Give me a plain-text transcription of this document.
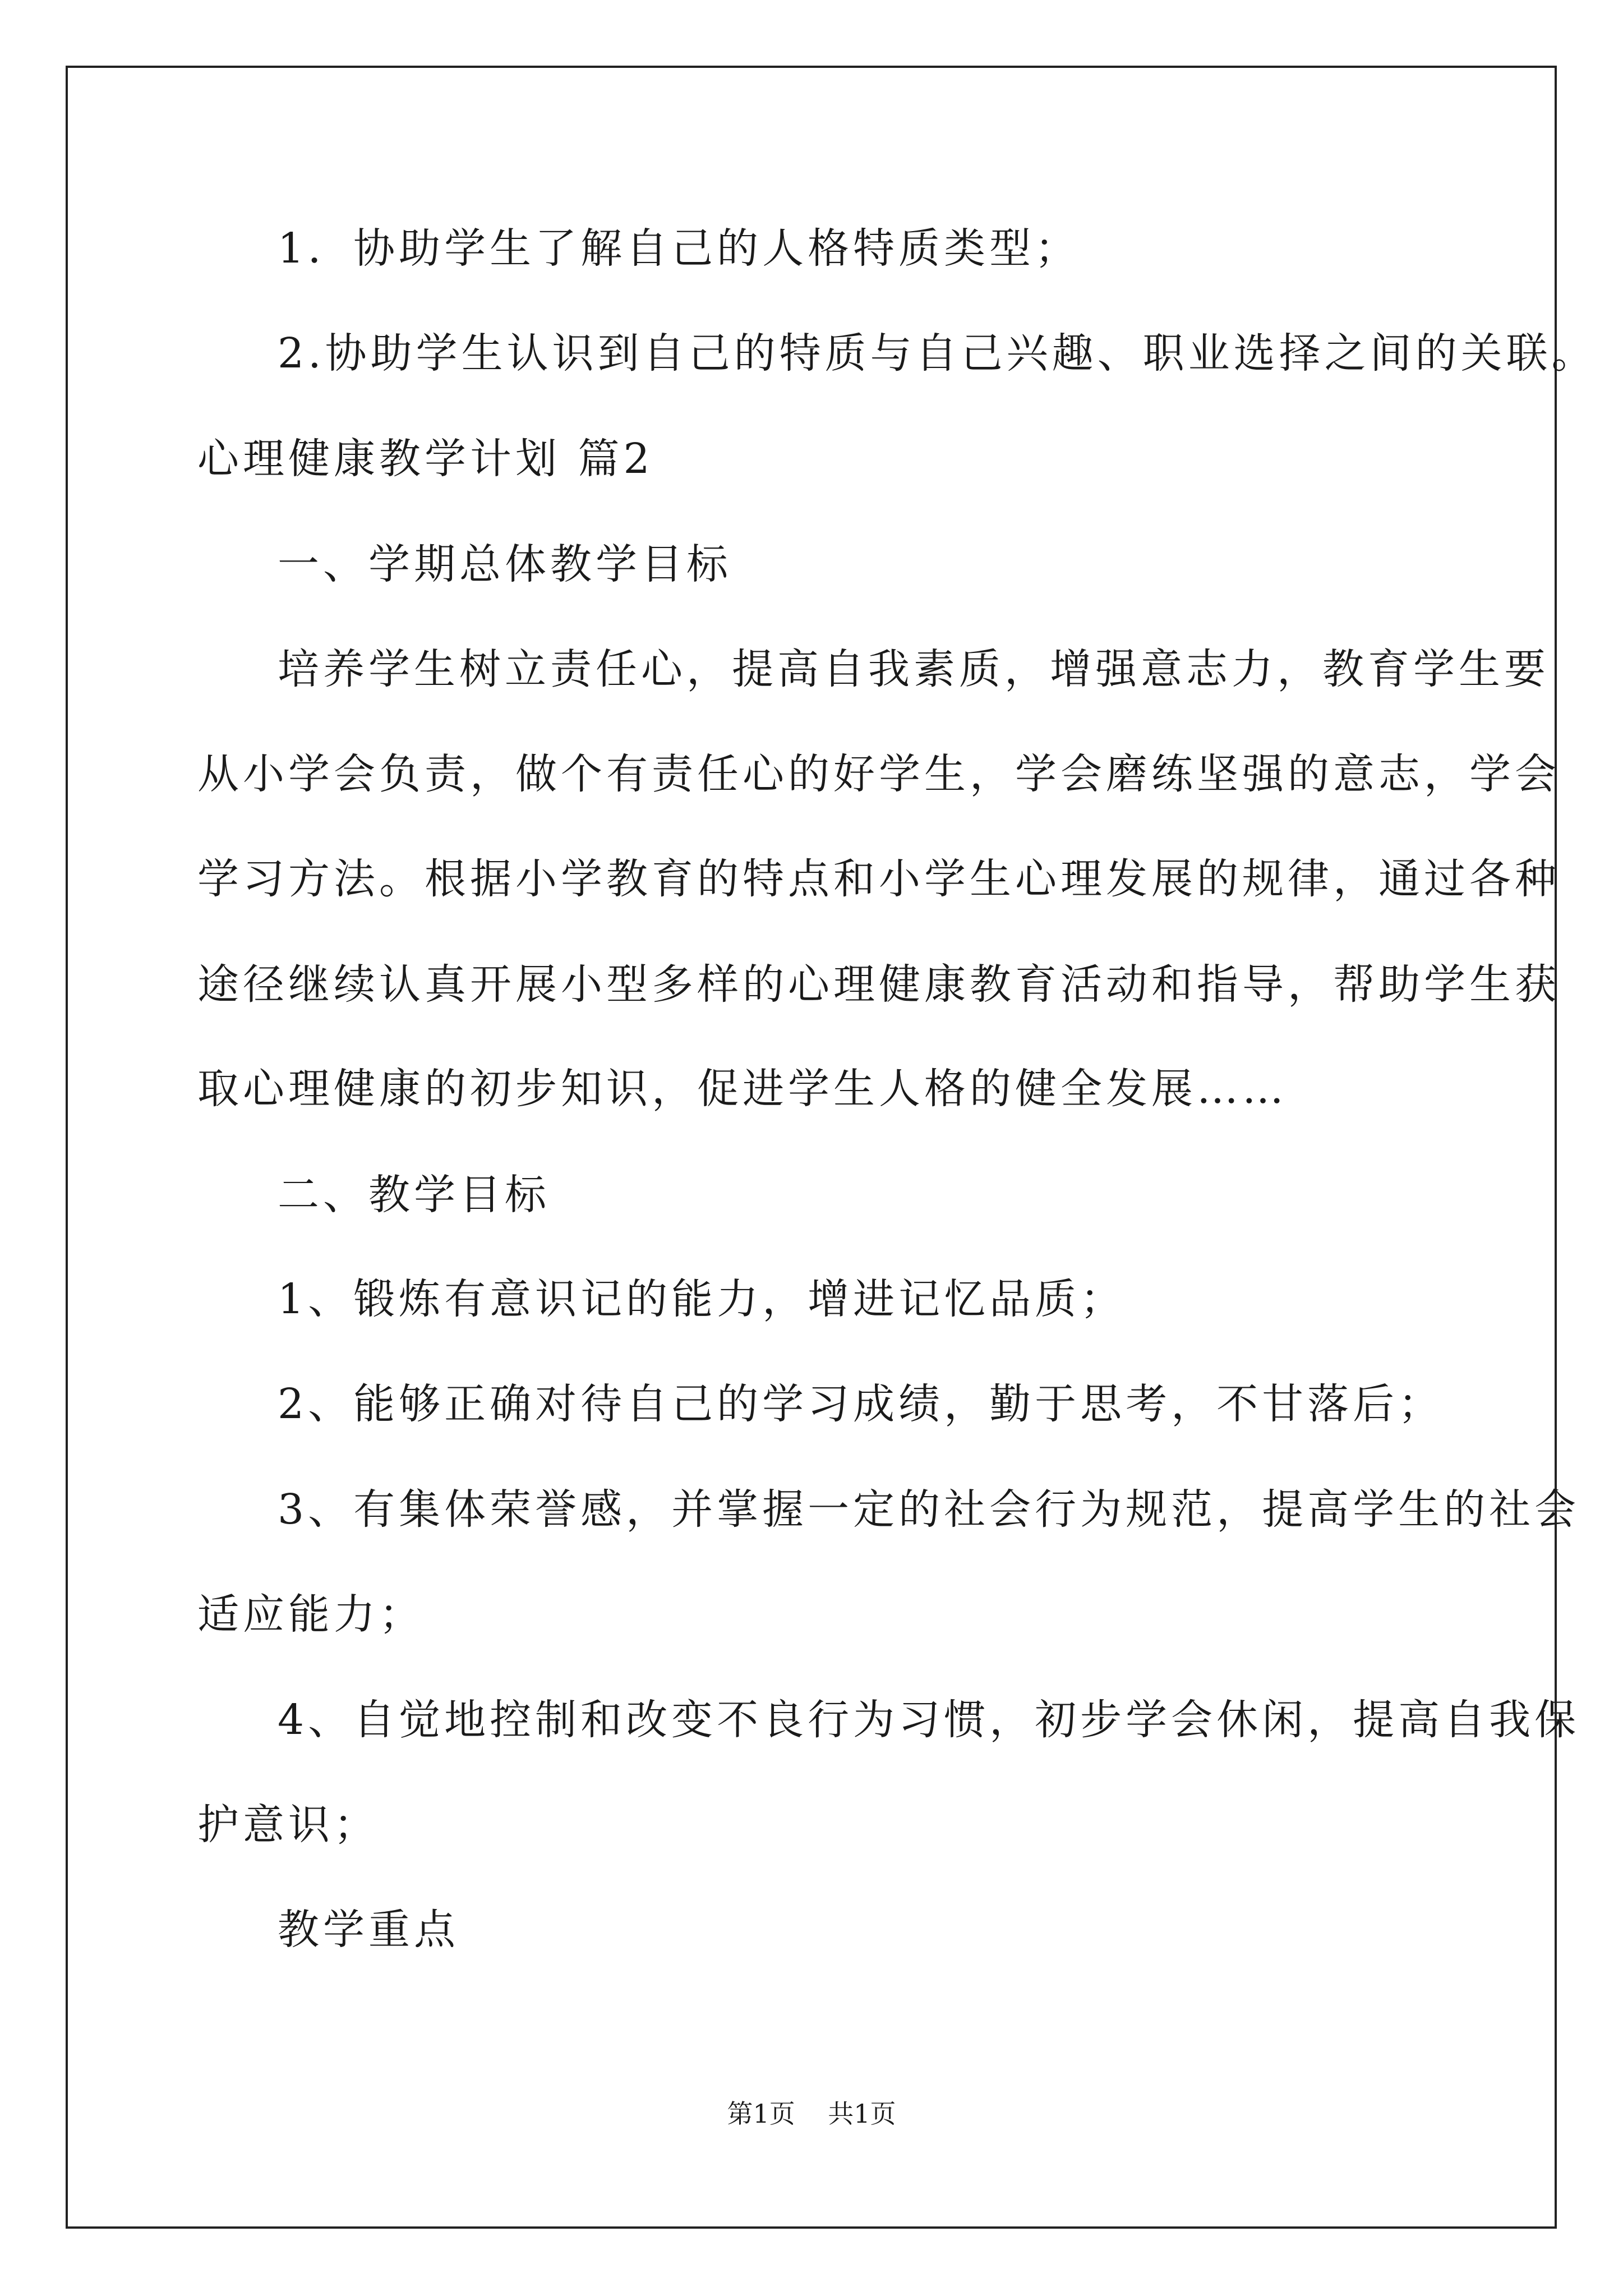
1．协助学生了解自己的人格特质类型；
2.协助学生认识到自己的特质与自己兴趣、职业选择之间的关联。
心理健康教学计划 篇2
一、学期总体教学目标
培养学生树立责任心，提高自我素质，增强意志力，教育学生要
从小学会负责，做个有责任心的好学生，学会磨练坚强的意志，学会
学习方法。根据小学教育的特点和小学生心理发展的规律，通过各种
途径继续认真开展小型多样的心理健康教育活动和指导，帮助学生获
取心理健康的初步知识，促进学生人格的健全发展……
二、教学目标
1、锻炼有意识记的能力，增进记忆品质；
2、能够正确对待自己的学习成绩，勤于思考，不甘落后；
3、有集体荣誉感，并掌握一定的社会行为规范，提高学生的社会
适应能力；
4、自觉地控制和改变不良行为习惯，初步学会休闲，提高自我保
护意识；
教学重点
第1页 共1页
